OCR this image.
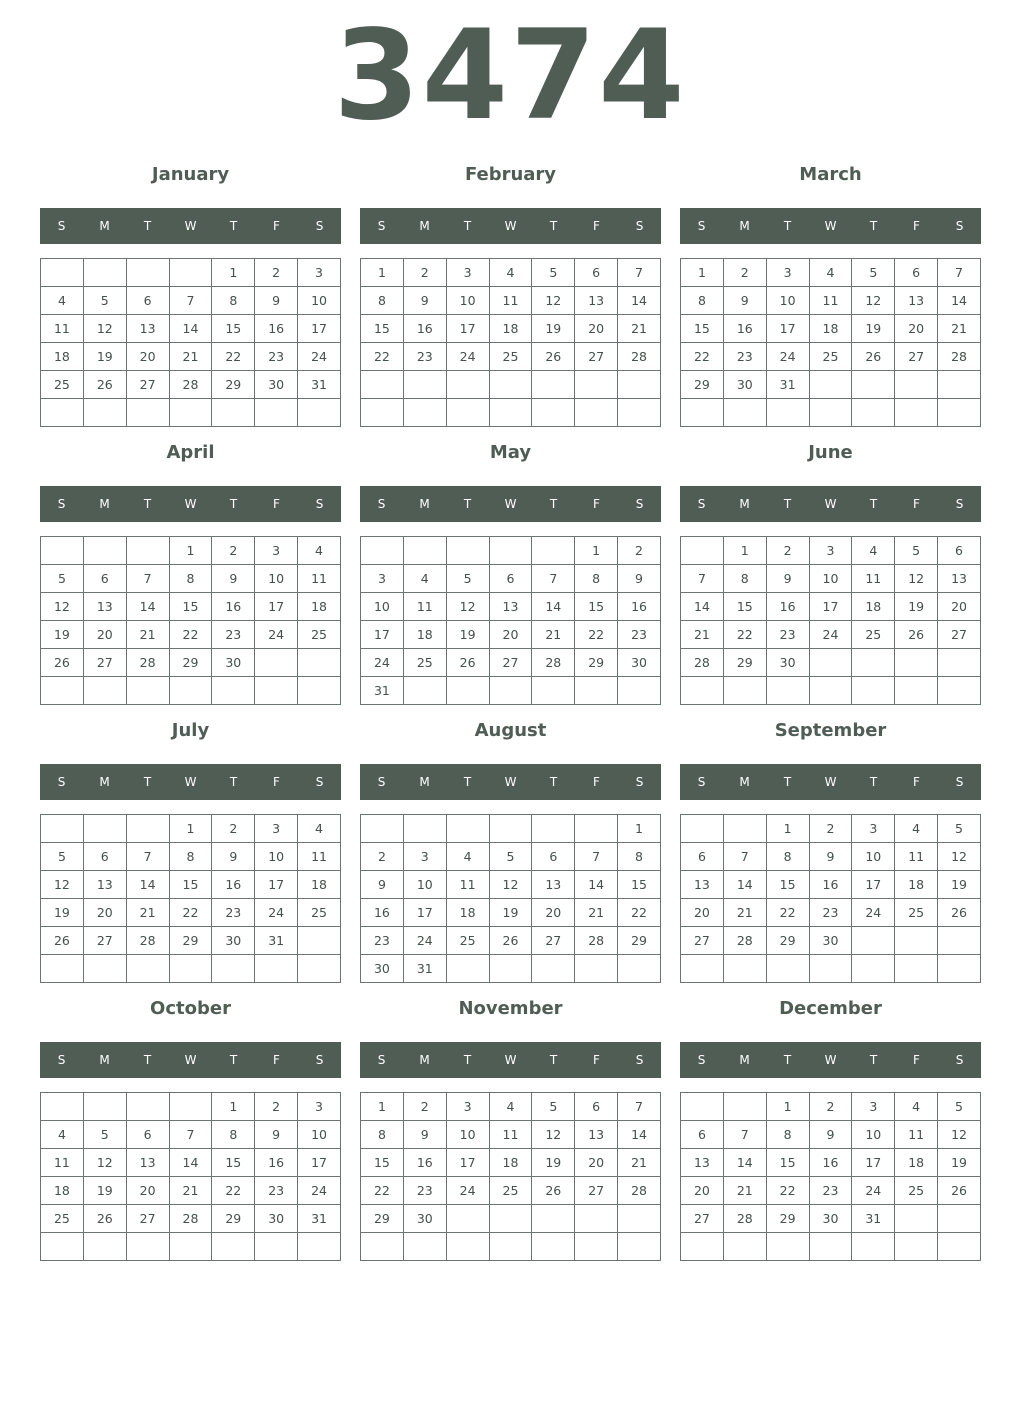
3474
January
S	M	T	W	T	F	S
				1	2	3
4	5	6	7	8	9	10
11	12	13	14	15	16	17
18	19	20	21	22	23	24
25	26	27	28	29	30	31

February
S	M	T	W	T	F	S
1	2	3	4	5	6	7
8	9	10	11	12	13	14
15	16	17	18	19	20	21
22	23	24	25	26	27	28

March
S	M	T	W	T	F	S
1	2	3	4	5	6	7
8	9	10	11	12	13	14
15	16	17	18	19	20	21
22	23	24	25	26	27	28
29	30	31				

April
S	M	T	W	T	F	S
			1	2	3	4
5	6	7	8	9	10	11
12	13	14	15	16	17	18
19	20	21	22	23	24	25
26	27	28	29	30		

May
S	M	T	W	T	F	S
					1	2
3	4	5	6	7	8	9
10	11	12	13	14	15	16
17	18	19	20	21	22	23
24	25	26	27	28	29	30
31						
June
S	M	T	W	T	F	S
	1	2	3	4	5	6
7	8	9	10	11	12	13
14	15	16	17	18	19	20
21	22	23	24	25	26	27
28	29	30				

July
S	M	T	W	T	F	S
			1	2	3	4
5	6	7	8	9	10	11
12	13	14	15	16	17	18
19	20	21	22	23	24	25
26	27	28	29	30	31	

August
S	M	T	W	T	F	S
						1
2	3	4	5	6	7	8
9	10	11	12	13	14	15
16	17	18	19	20	21	22
23	24	25	26	27	28	29
30	31					
September
S	M	T	W	T	F	S
		1	2	3	4	5
6	7	8	9	10	11	12
13	14	15	16	17	18	19
20	21	22	23	24	25	26
27	28	29	30			

October
S	M	T	W	T	F	S
				1	2	3
4	5	6	7	8	9	10
11	12	13	14	15	16	17
18	19	20	21	22	23	24
25	26	27	28	29	30	31

November
S	M	T	W	T	F	S
1	2	3	4	5	6	7
8	9	10	11	12	13	14
15	16	17	18	19	20	21
22	23	24	25	26	27	28
29	30					

December
S	M	T	W	T	F	S
		1	2	3	4	5
6	7	8	9	10	11	12
13	14	15	16	17	18	19
20	21	22	23	24	25	26
27	28	29	30	31		
